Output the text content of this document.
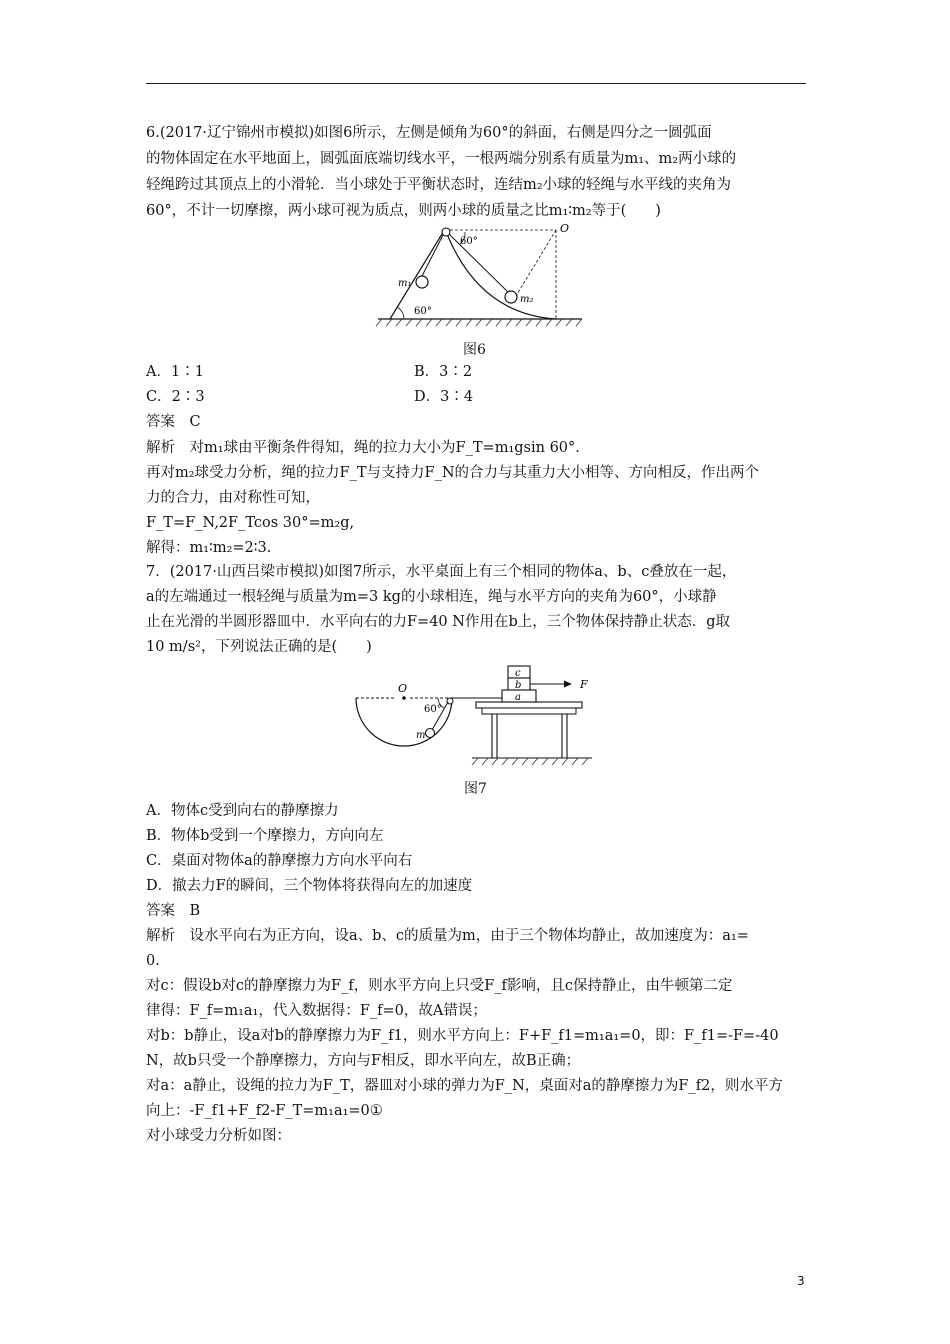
6.(2017·辽宁锦州市模拟)如图6所示，左侧是倾角为60°的斜面，右侧是四分之一圆弧面
的物体固定在水平地面上，圆弧面底端切线水平，一根两端分别系有质量为m₁、m₂两小球的
轻绳跨过其顶点上的小滑轮．当小球处于平衡状态时，连结m₂小球的轻绳与水平线的夹角为
60°，不计一切摩擦，两小球可视为质点，则两小球的质量之比m₁∶m₂等于(　　)
60°
O
m₁
m₂
60°
图6
A．1∶1	B．3∶2
C．2∶3	D．3∶4
答案　C
解析　对m₁球由平衡条件得知，绳的拉力大小为F_T=m₁gsin 60°．
再对m₂球受力分析，绳的拉力F_T与支持力F_N的合力与其重力大小相等、方向相反，作出两个
力的合力，由对称性可知，
F_T=F_N,2F_Tcos 30°=m₂g,
解得：m₁∶m₂=2∶3.
7．(2017·山西吕梁市模拟)如图7所示，水平桌面上有三个相同的物体a、b、c叠放在一起，
a的左端通过一根轻绳与质量为m=3 kg的小球相连，绳与水平方向的夹角为60°，小球静
止在光滑的半圆形器皿中．水平向右的力F=40 N作用在b上，三个物体保持静止状态．g取
10 m/s²，下列说法正确的是(　　)
O
60°
m
c
b
a
F
图7
A．物体c受到向右的静摩擦力
B．物体b受到一个摩擦力，方向向左
C．桌面对物体a的静摩擦力方向水平向右
D．撤去力F的瞬间，三个物体将获得向左的加速度
答案　B
解析　设水平向右为正方向，设a、b、c的质量为m，由于三个物体均静止，故加速度为：a₁=
0.
对c：假设b对c的静摩擦力为F_f，则水平方向上只受F_f影响，且c保持静止，由牛顿第二定
律得：F_f=m₁a₁，代入数据得：F_f=0，故A错误；
对b：b静止，设a对b的静摩擦力为F_f1，则水平方向上：F+F_f1=m₁a₁=0，即：F_f1=-F=-40
N，故b只受一个静摩擦力，方向与F相反，即水平向左，故B正确；
对a：a静止，设绳的拉力为F_T，器皿对小球的弹力为F_N，桌面对a的静摩擦力为F_f2，则水平方
向上：-F_f1+F_f2-F_T=m₁a₁=0①
对小球受力分析如图：
3
